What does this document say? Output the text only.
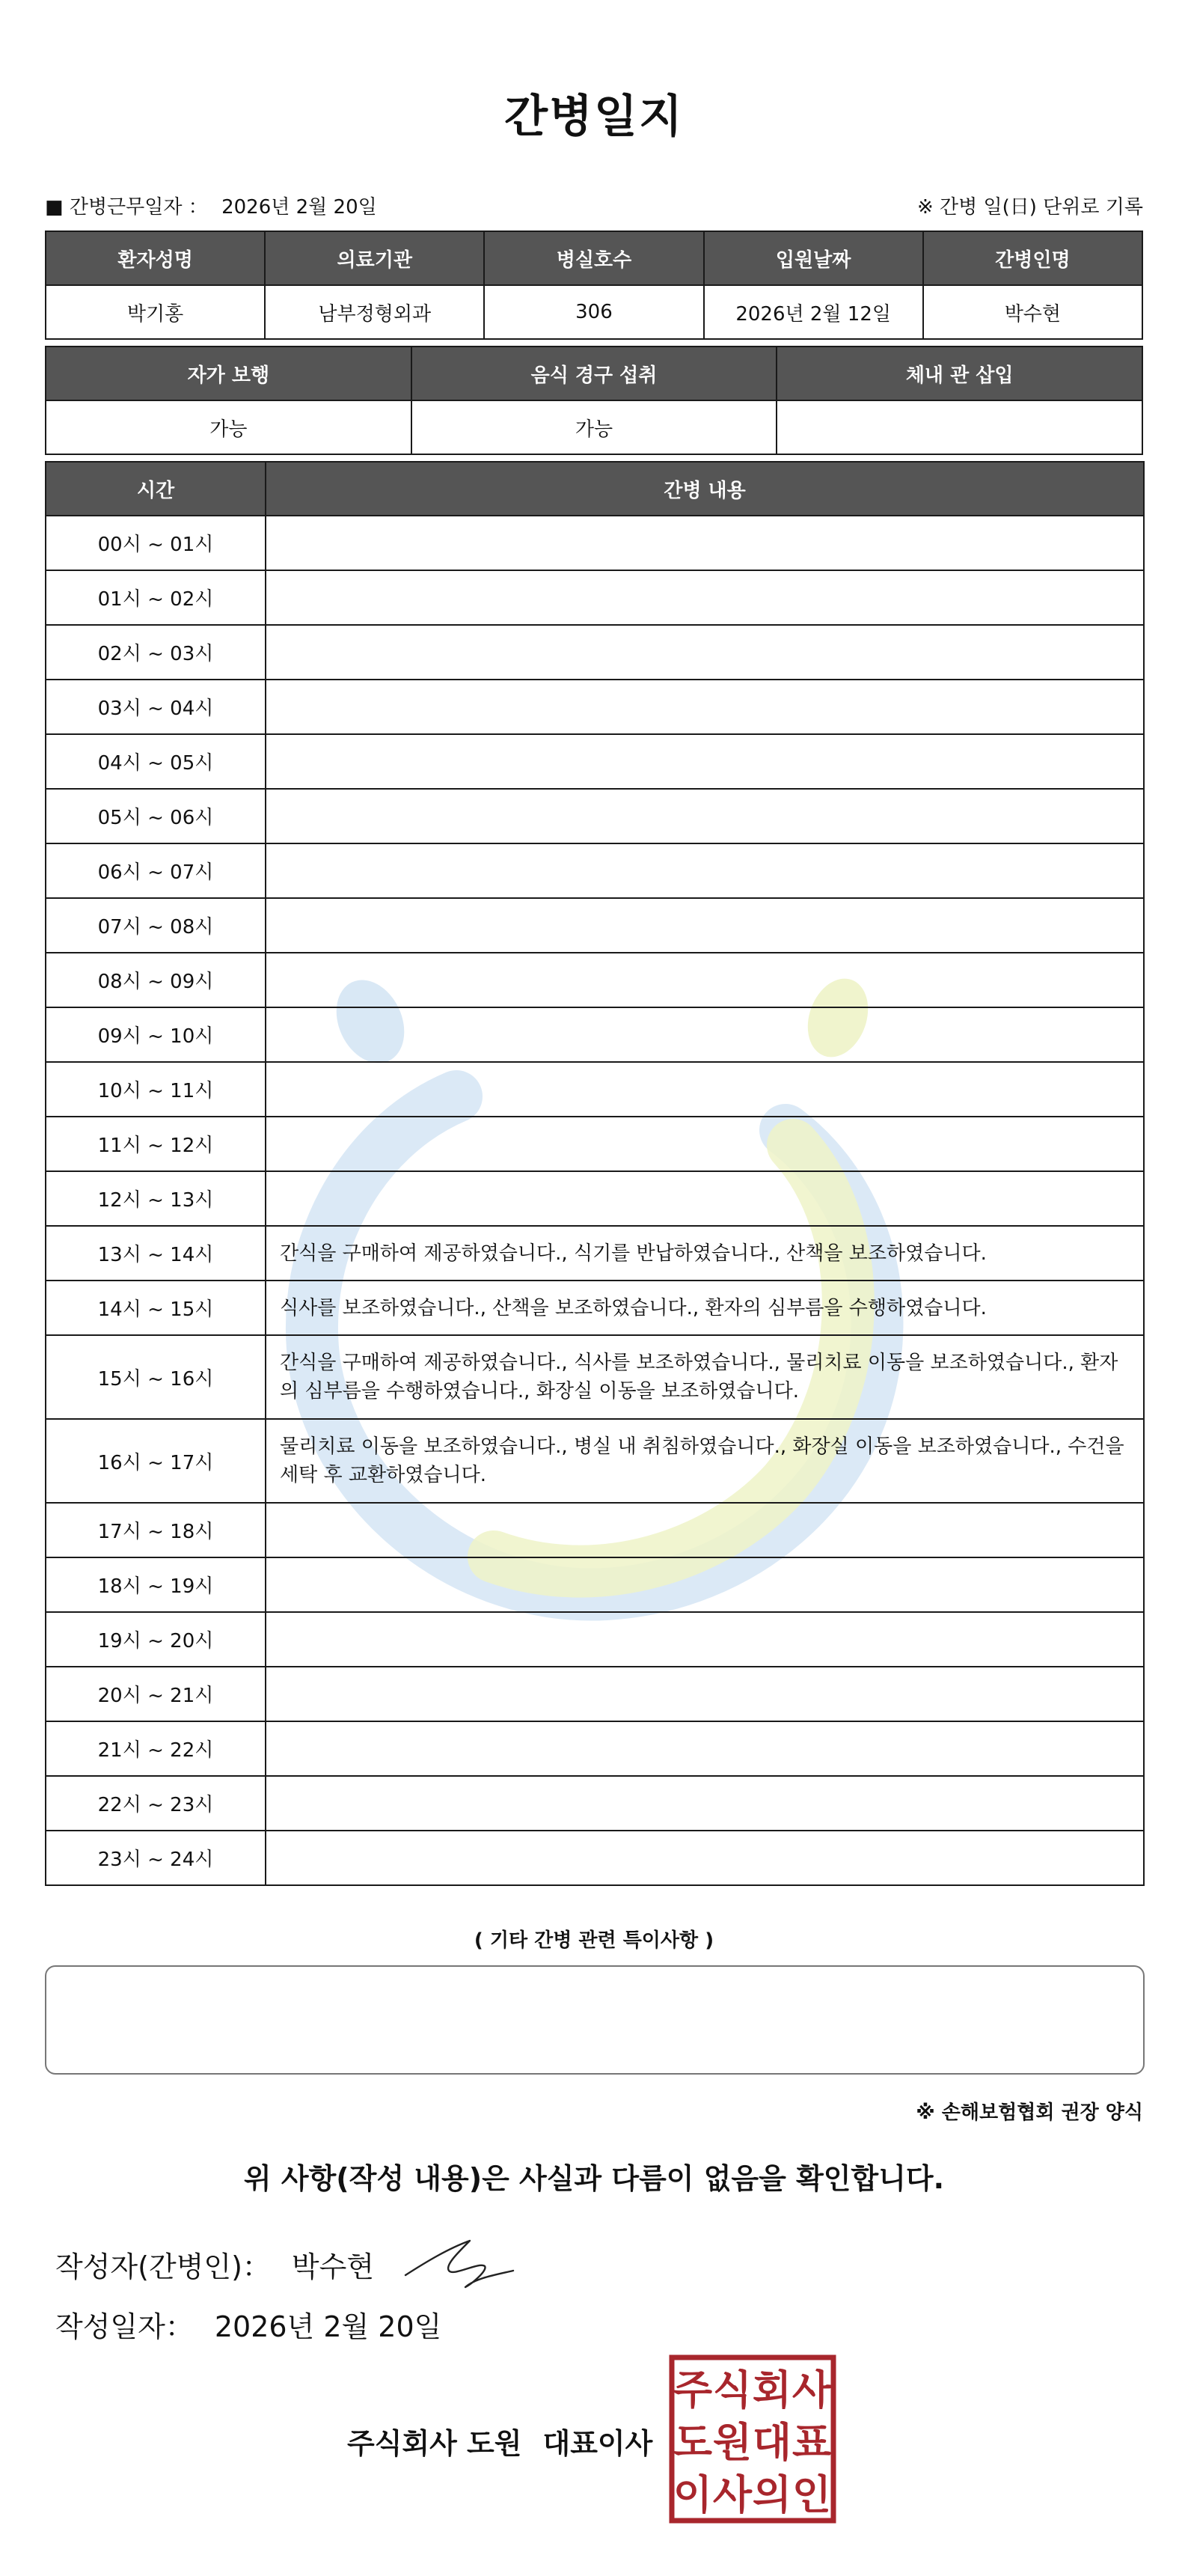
간병일지
■ 간병근무일자 ： 2026년 2월 20일	※ 간병 일(日) 단위로 기록
환자성명	의료기관	병실호수	입원날짜	간병인명
박기홍	남부정형외과	306	2026년 2월 12일	박수현
자가 보행	음식 경구 섭취	체내 관 삽입
가능	가능	
시간	간병 내용
00시 ~ 01시	
01시 ~ 02시	
02시 ~ 03시	
03시 ~ 04시	
04시 ~ 05시	
05시 ~ 06시	
06시 ~ 07시	
07시 ~ 08시	
08시 ~ 09시	
09시 ~ 10시	
10시 ~ 11시	
11시 ~ 12시	
12시 ~ 13시	
13시 ~ 14시	간식을 구매하여 제공하였습니다., 식기를 반납하였습니다., 산책을 보조하였습니다.
14시 ~ 15시	식사를 보조하였습니다., 산책을 보조하였습니다., 환자의 심부름을 수행하였습니다.
15시 ~ 16시	간식을 구매하여 제공하였습니다., 식사를 보조하였습니다., 물리치료 이동을 보조하였습니다., 환자의 심부름을 수행하였습니다., 화장실 이동을 보조하였습니다.
16시 ~ 17시	물리치료 이동을 보조하였습니다., 병실 내 취침하였습니다., 화장실 이동을 보조하였습니다., 수건을 세탁 후 교환하였습니다.
17시 ~ 18시	
18시 ~ 19시	
19시 ~ 20시	
20시 ~ 21시	
21시 ~ 22시	
22시 ~ 23시	
23시 ~ 24시	
( 기타 간병 관련 특이사항 )
※ 손해보험협회 권장 양식
위 사항(작성 내용)은 사실과 다름이 없음을 확인합니다.
작성자(간병인)： 박수현
작성일자： 2026년 2월 20일
주식회사 도원 대표이사
주 식 회 사
도 원 대 표
이 사 의 인
